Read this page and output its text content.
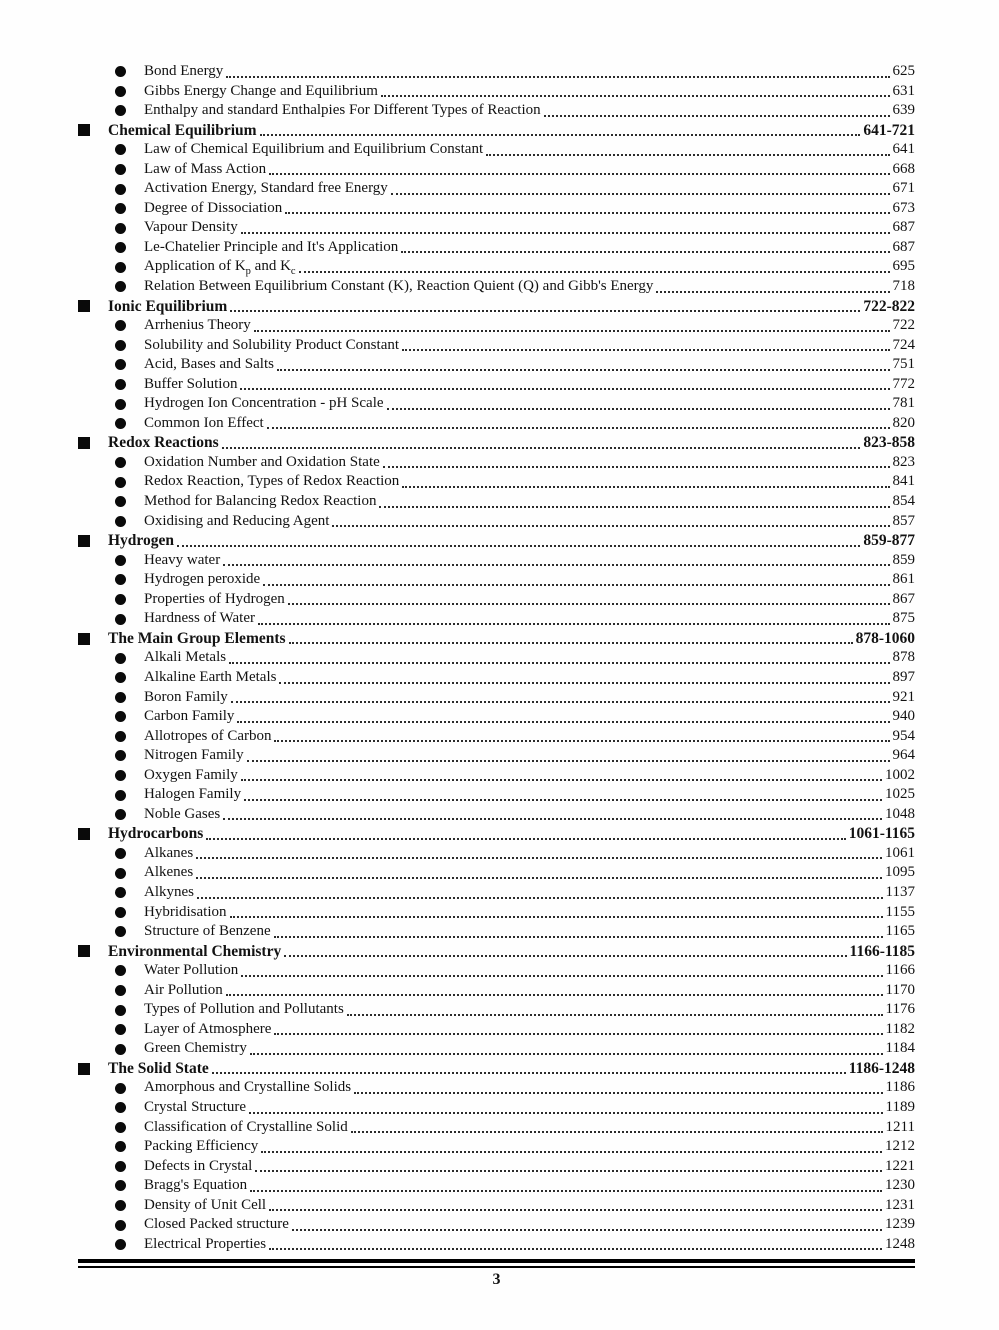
Bond Energy	625
Gibbs Energy Change and Equilibrium	631
Enthalpy and standard Enthalpies For Different Types of Reaction	639
Chemical Equilibrium	641-721
Law of Chemical Equilibrium and Equilibrium Constant	641
Law of Mass Action	668
Activation Energy, Standard free Energy	671
Degree of Dissociation	673
Vapour Density	687
Le-Chatelier Principle and It's Application	687
Application of $K_p$ and $K_c$	695
Relation Between Equilibrium Constant (K), Reaction Quient (Q) and Gibb's Energy	718
Ionic Equilibrium	722-822
Arrhenius Theory	722
Solubility and Solubility Product Constant	724
Acid, Bases and Salts	751
Buffer Solution	772
Hydrogen Ion Concentration - pH Scale	781
Common Ion Effect	820
Redox Reactions	823-858
Oxidation Number and Oxidation State	823
Redox Reaction, Types of Redox Reaction	841
Method for Balancing Redox Reaction	854
Oxidising and Reducing Agent	857
Hydrogen	859-877
Heavy water	859
Hydrogen peroxide	861
Properties of Hydrogen	867
Hardness of Water	875
The Main Group Elements	878-1060
Alkali Metals	878
Alkaline Earth Metals	897
Boron Family	921
Carbon Family	940
Allotropes of Carbon	954
Nitrogen Family	964
Oxygen Family	1002
Halogen Family	1025
Noble Gases	1048
Hydrocarbons	1061-1165
Alkanes	1061
Alkenes	1095
Alkynes	1137
Hybridisation	1155
Structure of Benzene	1165
Environmental Chemistry	1166-1185
Water Pollution	1166
Air Pollution	1170
Types of Pollution and Pollutants	1176
Layer of Atmosphere	1182
Green Chemistry	1184
The Solid State	1186-1248
Amorphous and Crystalline Solids	1186
Crystal Structure	1189
Classification of Crystalline Solid	1211
Packing Efficiency	1212
Defects in Crystal	1221
Bragg's Equation	1230
Density of Unit Cell	1231
Closed Packed structure	1239
Electrical Properties	1248
3
